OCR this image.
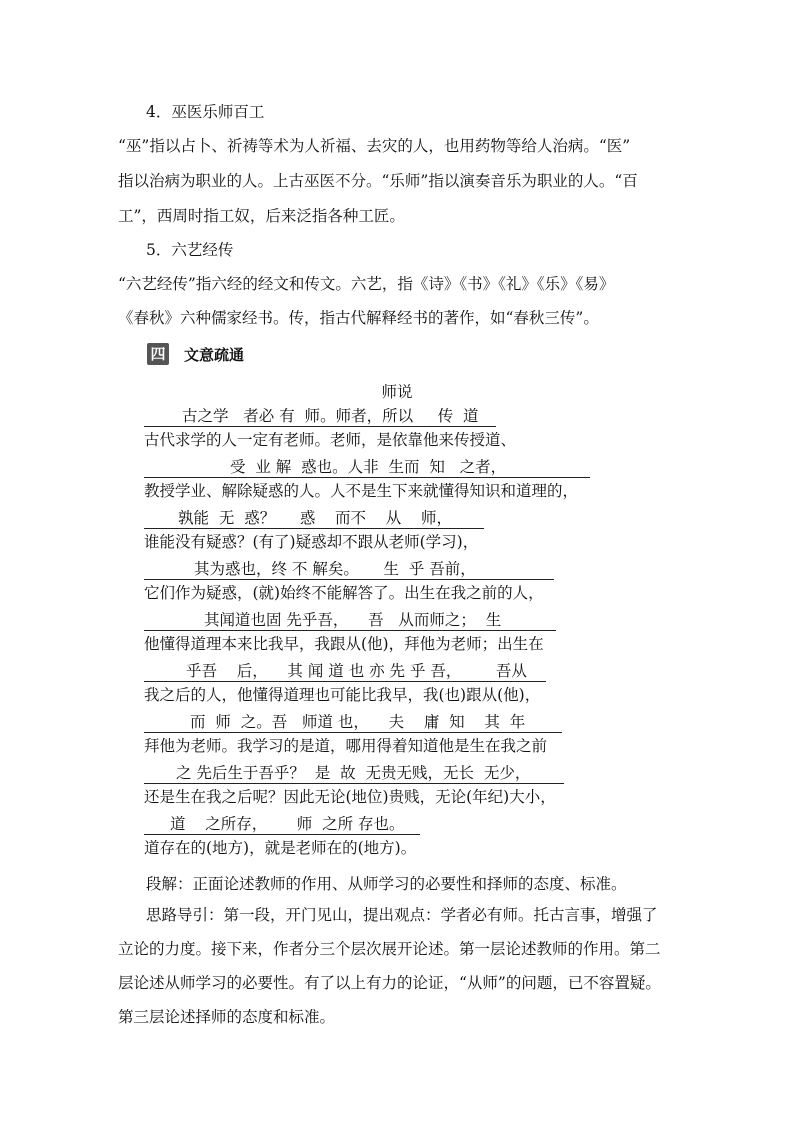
4．巫医乐师百工
“巫”指以占卜、祈祷等术为人祈福、去灾的人，也用药物等给人治病。“医”
指以治病为职业的人。上古巫医不分。“乐师”指以演奏音乐为职业的人。“百
工”，西周时指工奴，后来泛指各种工匠。
5．六艺经传
“六艺经传”指六经的经文和传文。六艺，指《诗》《书》《礼》《乐》《易》
《春秋》六种儒家经书。传，指古代解释经书的著作，如“春秋三传”。
四 文意疏通
师说
古之学   者必 有  师。师者，所以     传  道
古代求学的人一定有老师。老师，是依靠他来传授道、
受  业 解  惑也。人非  生而  知   之者，
教授学业、解除疑惑的人。人不是生下来就懂得知识和道理的，
孰能  无  惑？     惑    而不    从    师，
谁能没有疑惑？(有了)疑惑却不跟从老师(学习)，
其为惑也，终 不 解矣。     生  乎 吾前，
它们作为疑惑，(就)始终不能解答了。出生在我之前的人，
其闻道也固 先乎吾，    吾   从而师之；  生
他懂得道理本来比我早，我跟从(他)，拜他为老师；出生在
乎吾    后，    其 闻 道 也 亦 先 乎 吾，       吾从
我之后的人，他懂得道理也可能比我早，我(也)跟从(他)，
而  师  之。吾   师道 也，    夫    庸  知    其  年
拜他为老师。我学习的是道，哪用得着知道他是生在我之前
之 先后生于吾乎？  是  故  无贵无贱，无长  无少，
还是生在我之后呢？因此无论(地位)贵贱，无论(年纪)大小，
道    之所存，      师  之所 存也。
道存在的(地方)，就是老师在的(地方)。
段解：正面论述教师的作用、从师学习的必要性和择师的态度、标准。
思路导引：第一段，开门见山，提出观点：学者必有师。托古言事，增强了
立论的力度。接下来，作者分三个层次展开论述。第一层论述教师的作用。第二
层论述从师学习的必要性。有了以上有力的论证，“从师”的问题，已不容置疑。
第三层论述择师的态度和标准。
